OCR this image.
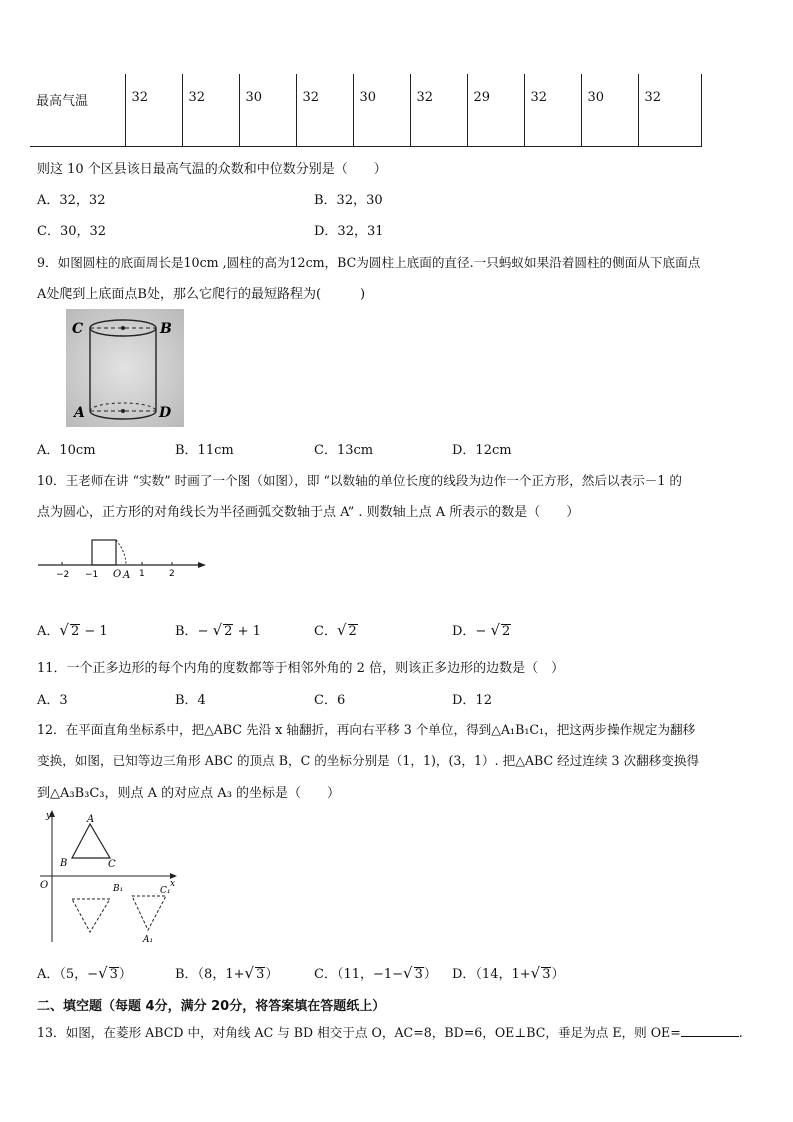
最高气温	32	32	30	32	30	32	29	32	30	32
则这 10 个区县该日最高气温的众数和中位数分别是（　　）
A．32，32	B．32，30
C．30，32	D．32，31
9．如图圆柱的底面周长是10cm ,圆柱的高为12cm，BC为圆柱上底面的直径.一只蚂蚁如果沿着圆柱的侧面从下底面点
A处爬到上底面点B处，那么它爬行的最短路程为(　　　)
C	B
A	D
A．10cm	B．11cm	C．13cm	D．12cm
10．王老师在讲 “实数” 时画了一个图（如图），即 “以数轴的单位长度的线段为边作一个正方形，然后以表示－1 的
点为圆心，正方形的对角线长为半径画弧交数轴于点 A” . 则数轴上点 A 所表示的数是（　　）
−2 −1 O A 1	2
A．√ 2 − 1	B．− √ 2 + 1	C．√ 2	D．− √ 2
11．一个正多边形的每个内角的度数都等于相邻外角的 2 倍，则该正多边形的边数是（　）
A．3	B．4	C．6	D．12
12．在平面直角坐标系中，把△ABC 先沿 x 轴翻折，再向右平移 3 个单位，得到△A₁B₁C₁，把这两步操作规定为翻移
变换，如图，已知等边三角形 ABC 的顶点 B，C 的坐标分别是（1，1)，(3，1）. 把△ABC 经过连续 3 次翻移变换得
到△A₃B₃C₃，则点 A 的对应点 A₃ 的坐标是（　　）
y
x
O
A
B	C
B₁	C₁
A₁
A．（5，−√ 3）	B．（8，1+√ 3）	C．（11，−1−√ 3） D．（14，1+√ 3）
二、填空题（每题 4分，满分 20分，将答案填在答题纸上）
13．如图，在菱形 ABCD 中，对角线 AC 与 BD 相交于点 O，AC=8，BD=6，OE⊥BC，垂足为点 E，则 OE=	.
